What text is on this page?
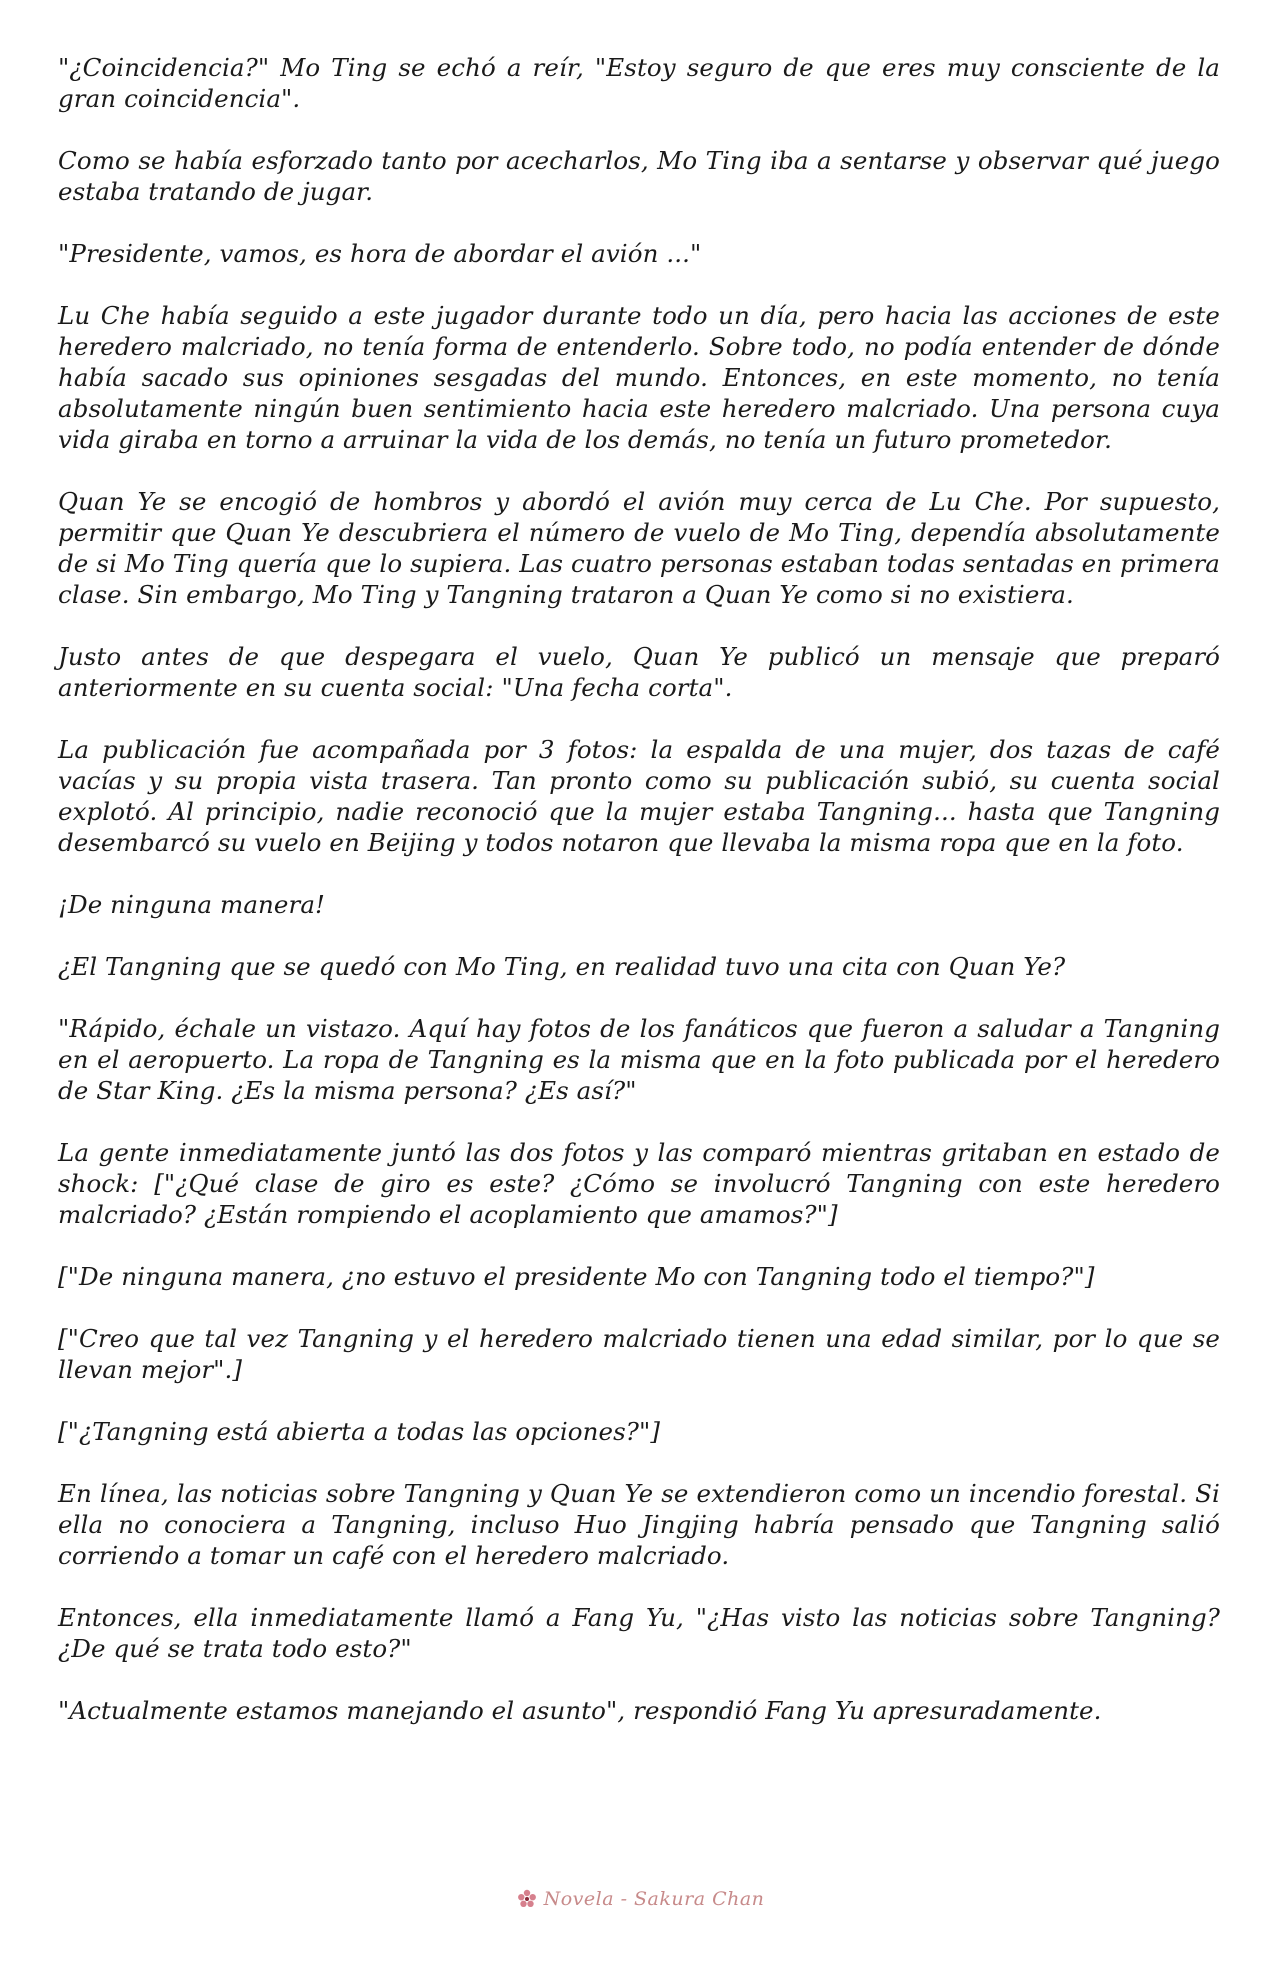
"¿Coincidencia?" Mo Ting se echó a reír, "Estoy seguro de que eres muy consciente de la gran coincidencia".

Como se había esforzado tanto por acecharlos, Mo Ting iba a sentarse y observar qué juego estaba tratando de jugar.

"Presidente, vamos, es hora de abordar el avión ..."

Lu Che había seguido a este jugador durante todo un día, pero hacia las acciones de este heredero malcriado, no tenía forma de entenderlo. Sobre todo, no podía entender de dónde había sacado sus opiniones sesgadas del mundo. Entonces, en este momento, no tenía absolutamente ningún buen sentimiento hacia este heredero malcriado. Una persona cuya vida giraba en torno a arruinar la vida de los demás, no tenía un futuro prometedor.

Quan Ye se encogió de hombros y abordó el avión muy cerca de Lu Che. Por supuesto, permitir que Quan Ye descubriera el número de vuelo de Mo Ting, dependía absolutamente de si Mo Ting quería que lo supiera. Las cuatro personas estaban todas sentadas en primera clase. Sin embargo, Mo Ting y Tangning trataron a Quan Ye como si no existiera.

Justo antes de que despegara el vuelo, Quan Ye publicó un mensaje que preparó anteriormente en su cuenta social: "Una fecha corta".

La publicación fue acompañada por 3 fotos: la espalda de una mujer, dos tazas de café vacías y su propia vista trasera. Tan pronto como su publicación subió, su cuenta social explotó. Al principio, nadie reconoció que la mujer estaba Tangning... hasta que Tangning desembarcó su vuelo en Beijing y todos notaron que llevaba la misma ropa que en la foto.

¡De ninguna manera!

¿El Tangning que se quedó con Mo Ting, en realidad tuvo una cita con Quan Ye?

"Rápido, échale un vistazo. Aquí hay fotos de los fanáticos que fueron a saludar a Tangning en el aeropuerto. La ropa de Tangning es la misma que en la foto publicada por el heredero de Star King. ¿Es la misma persona? ¿Es así?"

La gente inmediatamente juntó las dos fotos y las comparó mientras gritaban en estado de shock: ["¿Qué clase de giro es este? ¿Cómo se involucró Tangning con este heredero malcriado? ¿Están rompiendo el acoplamiento que amamos?"]

["De ninguna manera, ¿no estuvo el presidente Mo con Tangning todo el tiempo?"]

["Creo que tal vez Tangning y el heredero malcriado tienen una edad similar, por lo que se llevan mejor".]

["¿Tangning está abierta a todas las opciones?"]

En línea, las noticias sobre Tangning y Quan Ye se extendieron como un incendio forestal. Si ella no conociera a Tangning, incluso Huo Jingjing habría pensado que Tangning salió corriendo a tomar un café con el heredero malcriado.

Entonces, ella inmediatamente llamó a Fang Yu, "¿Has visto las noticias sobre Tangning? ¿De qué se trata todo esto?"

"Actualmente estamos manejando el asunto", respondió Fang Yu apresuradamente.

Novela - Sakura Chan
